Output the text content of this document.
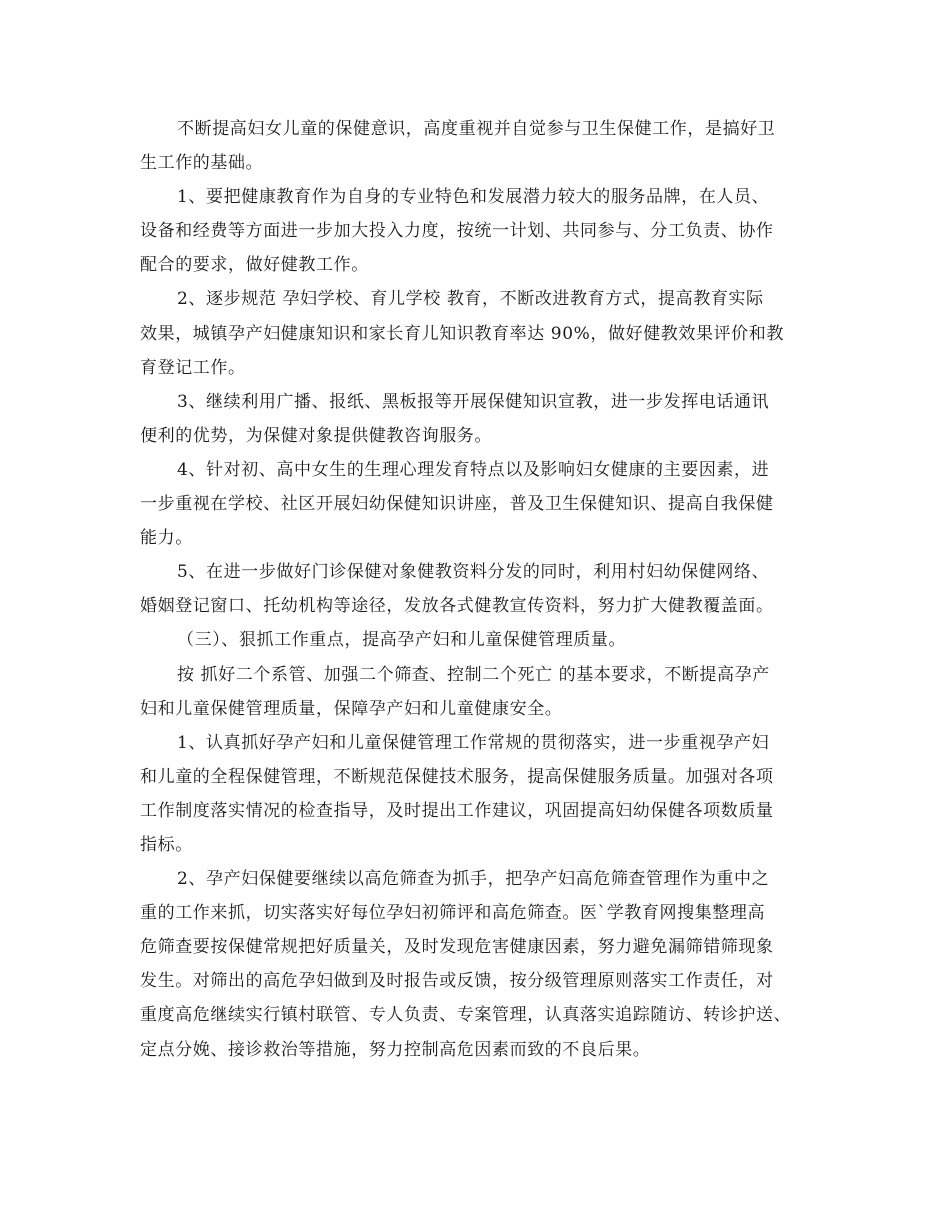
不断提高妇女儿童的保健意识，高度重视并自觉参与卫生保健工作，是搞好卫
生工作的基础。
1、要把健康教育作为自身的专业特色和发展潜力较大的服务品牌，在人员、
设备和经费等方面进一步加大投入力度，按统一计划、共同参与、分工负责、协作
配合的要求，做好健教工作。
2、逐步规范 孕妇学校、育儿学校 教育，不断改进教育方式，提高教育实际
效果，城镇孕产妇健康知识和家长育儿知识教育率达 90%，做好健教效果评价和教
育登记工作。
3、继续利用广播、报纸、黑板报等开展保健知识宣教，进一步发挥电话通讯
便利的优势，为保健对象提供健教咨询服务。
4、针对初、高中女生的生理心理发育特点以及影响妇女健康的主要因素，进
一步重视在学校、社区开展妇幼保健知识讲座，普及卫生保健知识、提高自我保健
能力。
5、在进一步做好门诊保健对象健教资料分发的同时，利用村妇幼保健网络、
婚姻登记窗口、托幼机构等途径，发放各式健教宣传资料，努力扩大健教覆盖面。
（三）、狠抓工作重点，提高孕产妇和儿童保健管理质量。
按 抓好二个系管、加强二个筛查、控制二个死亡 的基本要求，不断提高孕产
妇和儿童保健管理质量，保障孕产妇和儿童健康安全。
1、认真抓好孕产妇和儿童保健管理工作常规的贯彻落实，进一步重视孕产妇
和儿童的全程保健管理，不断规范保健技术服务，提高保健服务质量。加强对各项
工作制度落实情况的检查指导，及时提出工作建议，巩固提高妇幼保健各项数质量
指标。
2、孕产妇保健要继续以高危筛查为抓手，把孕产妇高危筛查管理作为重中之
重的工作来抓，切实落实好每位孕妇初筛评和高危筛查。医`学教育网搜集整理高
危筛查要按保健常规把好质量关，及时发现危害健康因素，努力避免漏筛错筛现象
发生。对筛出的高危孕妇做到及时报告或反馈，按分级管理原则落实工作责任，对
重度高危继续实行镇村联管、专人负责、专案管理，认真落实追踪随访、转诊护送、
定点分娩、接诊救治等措施，努力控制高危因素而致的不良后果。
